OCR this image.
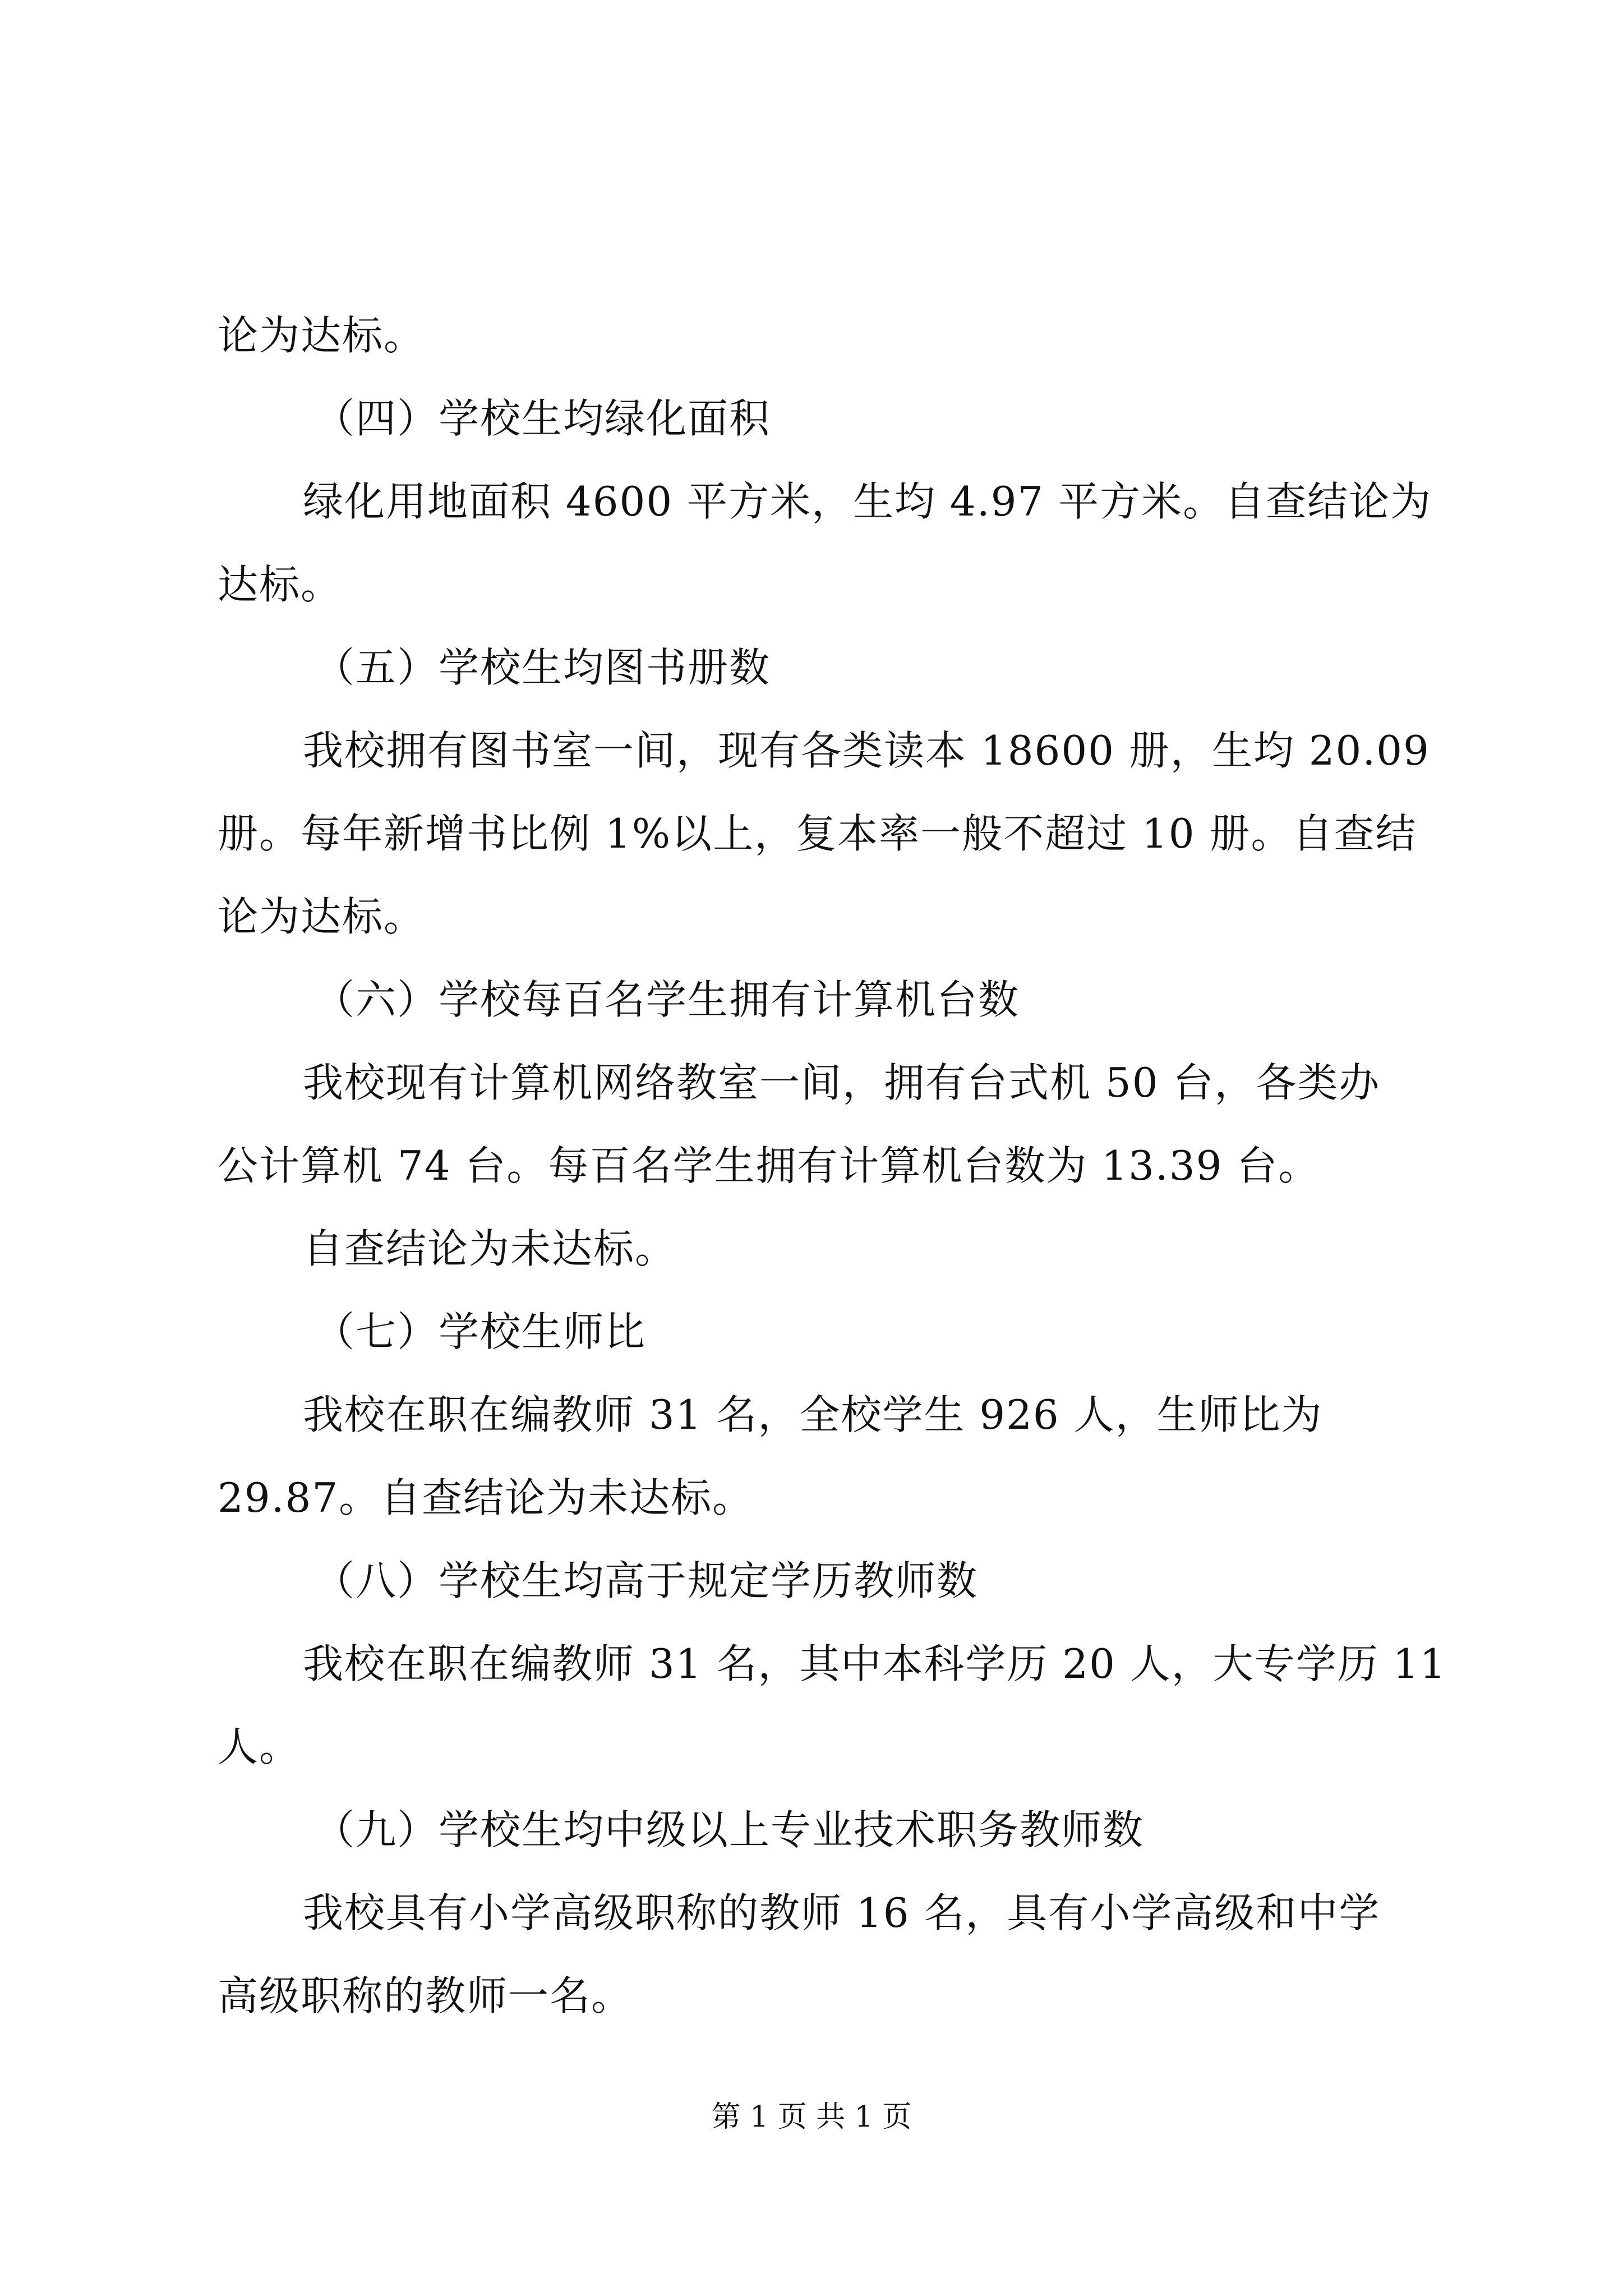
论为达标。
（四）学校生均绿化面积
绿化用地面积 4600 平方米，生均 4.97 平方米。自查结论为
达标。
（五）学校生均图书册数
我校拥有图书室一间，现有各类读本 18600 册，生均 20.09
册。每年新增书比例 1%以上，复本率一般不超过 10 册。自查结
论为达标。
（六）学校每百名学生拥有计算机台数
我校现有计算机网络教室一间，拥有台式机 50 台，各类办
公计算机 74 台。每百名学生拥有计算机台数为 13.39 台。
自查结论为未达标。
（七）学校生师比
我校在职在编教师 31 名，全校学生 926 人，生师比为
29.87。自查结论为未达标。
（八）学校生均高于规定学历教师数
我校在职在编教师 31 名，其中本科学历 20 人，大专学历 11
人。
（九）学校生均中级以上专业技术职务教师数
我校具有小学高级职称的教师 16 名，具有小学高级和中学
高级职称的教师一名。
第 1 页 共 1 页
